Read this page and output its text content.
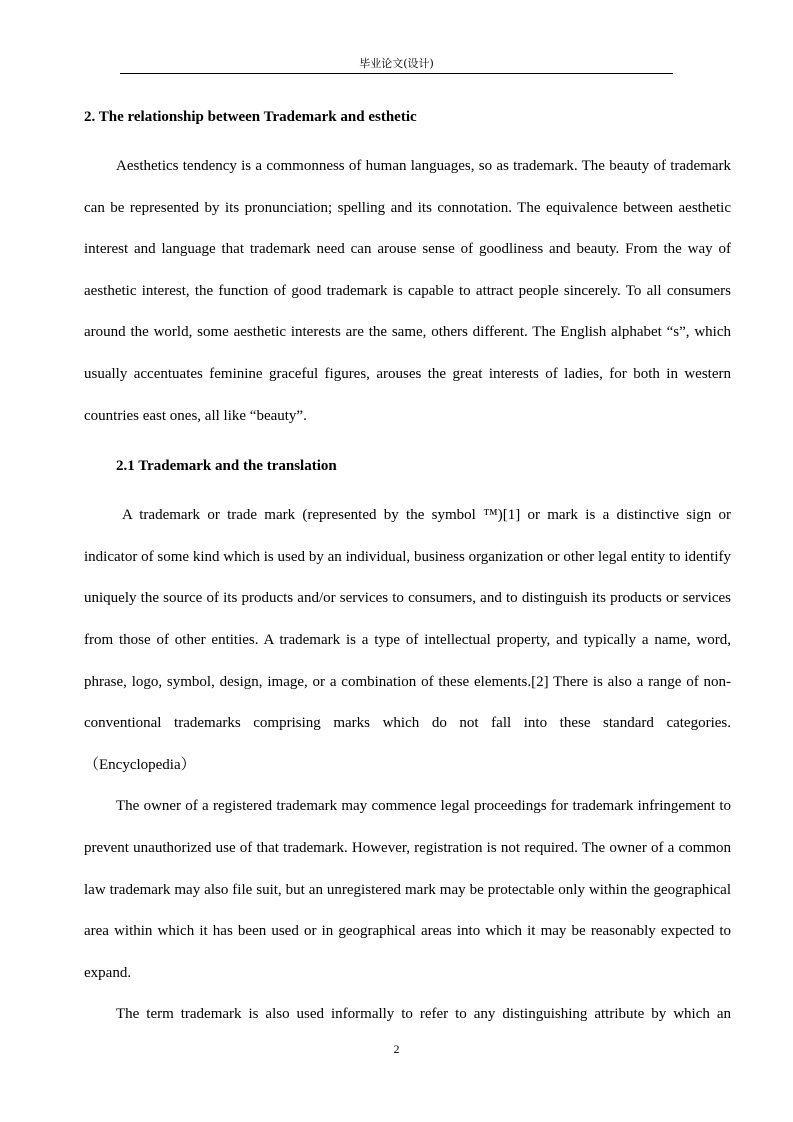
毕业论文(设计)
2. The relationship between Trademark and esthetic

Aesthetics tendency is a commonness of human languages, so as trademark. The beauty of trademark can be represented by its pronunciation; spelling and its connotation. The equivalence between aesthetic interest and language that trademark need can arouse sense of goodliness and beauty. From the way of aesthetic interest, the function of good trademark is capable to attract people sincerely. To all consumers around the world, some aesthetic interests are the same, others different. The English alphabet “s”, which usually accentuates feminine graceful figures, arouses the great interests of ladies, for both in western countries east ones, all like “beauty”.

2.1 Trademark and the translation

A trademark or trade mark (represented by the symbol ™)[1] or mark is a distinctive sign or indicator of some kind which is used by an individual, business organization or other legal entity to identify uniquely the source of its products and/or services to consumers, and to distinguish its products or services from those of other entities. A trademark is a type of intellectual property, and typically a name, word, phrase, logo, symbol, design, image, or a combination of these elements.[2] There is also a range of non-conventional trademarks comprising marks which do not fall into these standard categories. （Encyclopedia）

The owner of a registered trademark may commence legal proceedings for trademark infringement to prevent unauthorized use of that trademark. However, registration is not required. The owner of a common law trademark may also file suit, but an unregistered mark may be protectable only within the geographical area within which it has been used or in geographical areas into which it may be reasonably expected to expand.

The term trademark is also used informally to refer to any distinguishing attribute by which an

2
